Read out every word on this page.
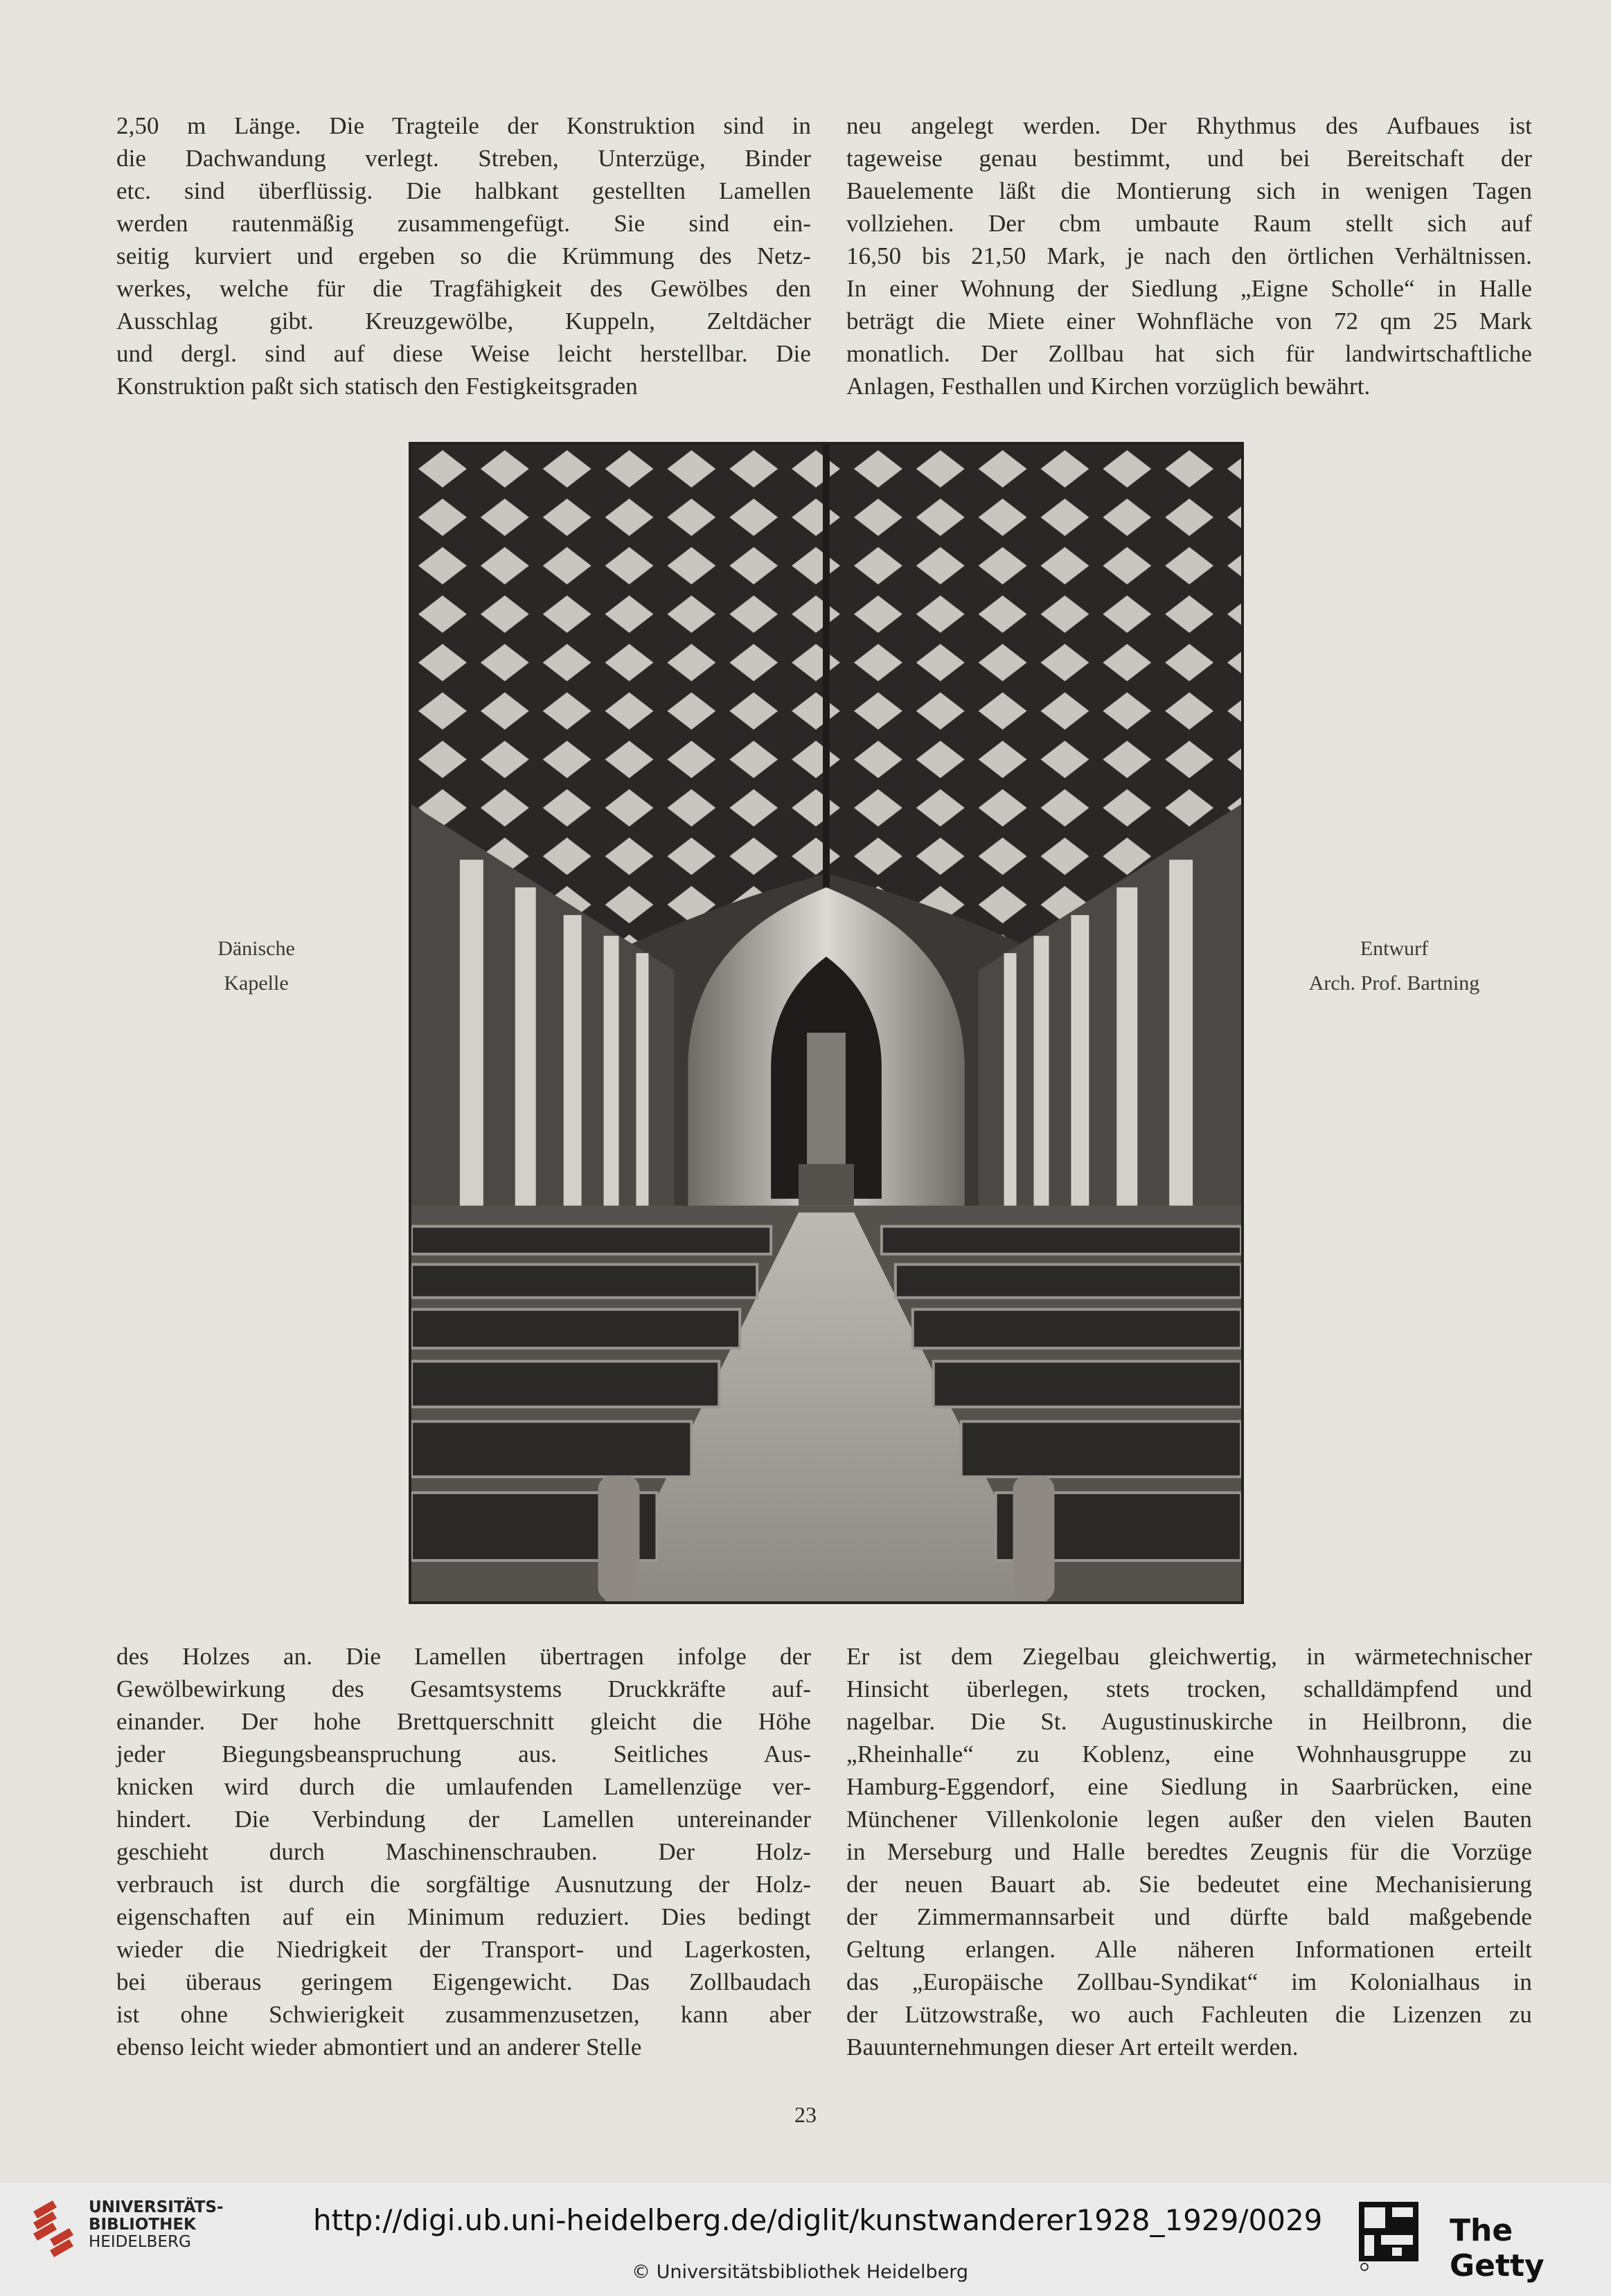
2,50 m Länge. Die Tragteile der Konstruktion sind in
die Dachwandung verlegt. Streben, Unterzüge, Binder
etc. sind überflüssig. Die halbkant gestellten Lamellen
werden rautenmäßig zusammengefügt. Sie sind ein-
seitig kurviert und ergeben so die Krümmung des Netz-
werkes, welche für die Tragfähigkeit des Gewölbes den
Ausschlag gibt. Kreuzgewölbe, Kuppeln, Zeltdächer
und dergl. sind auf diese Weise leicht herstellbar. Die
Konstruktion paßt sich statisch den Festigkeitsgraden
neu angelegt werden. Der Rhythmus des Aufbaues ist
tageweise genau bestimmt, und bei Bereitschaft der
Bauelemente läßt die Montierung sich in wenigen Tagen
vollziehen. Der cbm umbaute Raum stellt sich auf
16,50 bis 21,50 Mark, je nach den örtlichen Verhältnissen.
In einer Wohnung der Siedlung „Eigne Scholle“ in Halle
beträgt die Miete einer Wohnfläche von 72 qm 25 Mark
monatlich. Der Zollbau hat sich für landwirtschaftliche
Anlagen, Festhallen und Kirchen vorzüglich bewährt.
Dänische
Kapelle
Entwurf
Arch. Prof. Bartning
des Holzes an. Die Lamellen übertragen infolge der
Gewölbewirkung des Gesamtsystems Druckkräfte auf-
einander. Der hohe Brettquerschnitt gleicht die Höhe
jeder Biegungsbeanspruchung aus. Seitliches Aus-
knicken wird durch die umlaufenden Lamellenzüge ver-
hindert. Die Verbindung der Lamellen untereinander
geschieht durch Maschinenschrauben. Der Holz-
verbrauch ist durch die sorgfältige Ausnutzung der Holz-
eigenschaften auf ein Minimum reduziert. Dies bedingt
wieder die Niedrigkeit der Transport- und Lagerkosten,
bei überaus geringem Eigengewicht. Das Zollbaudach
ist ohne Schwierigkeit zusammenzusetzen, kann aber
ebenso leicht wieder abmontiert und an anderer Stelle
Er ist dem Ziegelbau gleichwertig, in wärmetechnischer
Hinsicht überlegen, stets trocken, schalldämpfend und
nagelbar. Die St. Augustinuskirche in Heilbronn, die
„Rheinhalle“ zu Koblenz, eine Wohnhausgruppe zu
Hamburg-Eggendorf, eine Siedlung in Saarbrücken, eine
Münchener Villenkolonie legen außer den vielen Bauten
in Merseburg und Halle beredtes Zeugnis für die Vorzüge
der neuen Bauart ab. Sie bedeutet eine Mechanisierung
der Zimmermannsarbeit und dürfte bald maßgebende
Geltung erlangen. Alle näheren Informationen erteilt
das „Europäische Zollbau-Syndikat“ im Kolonialhaus in
der Lützowstraße, wo auch Fachleuten die Lizenzen zu
Bauunternehmungen dieser Art erteilt werden.
23
UNIVERSITÄTS-
BIBLIOTHEK
HEIDELBERG
http://digi.ub.uni-heidelberg.de/diglit/kunstwanderer1928_1929/0029
© Universitätsbibliothek Heidelberg
The Getty
